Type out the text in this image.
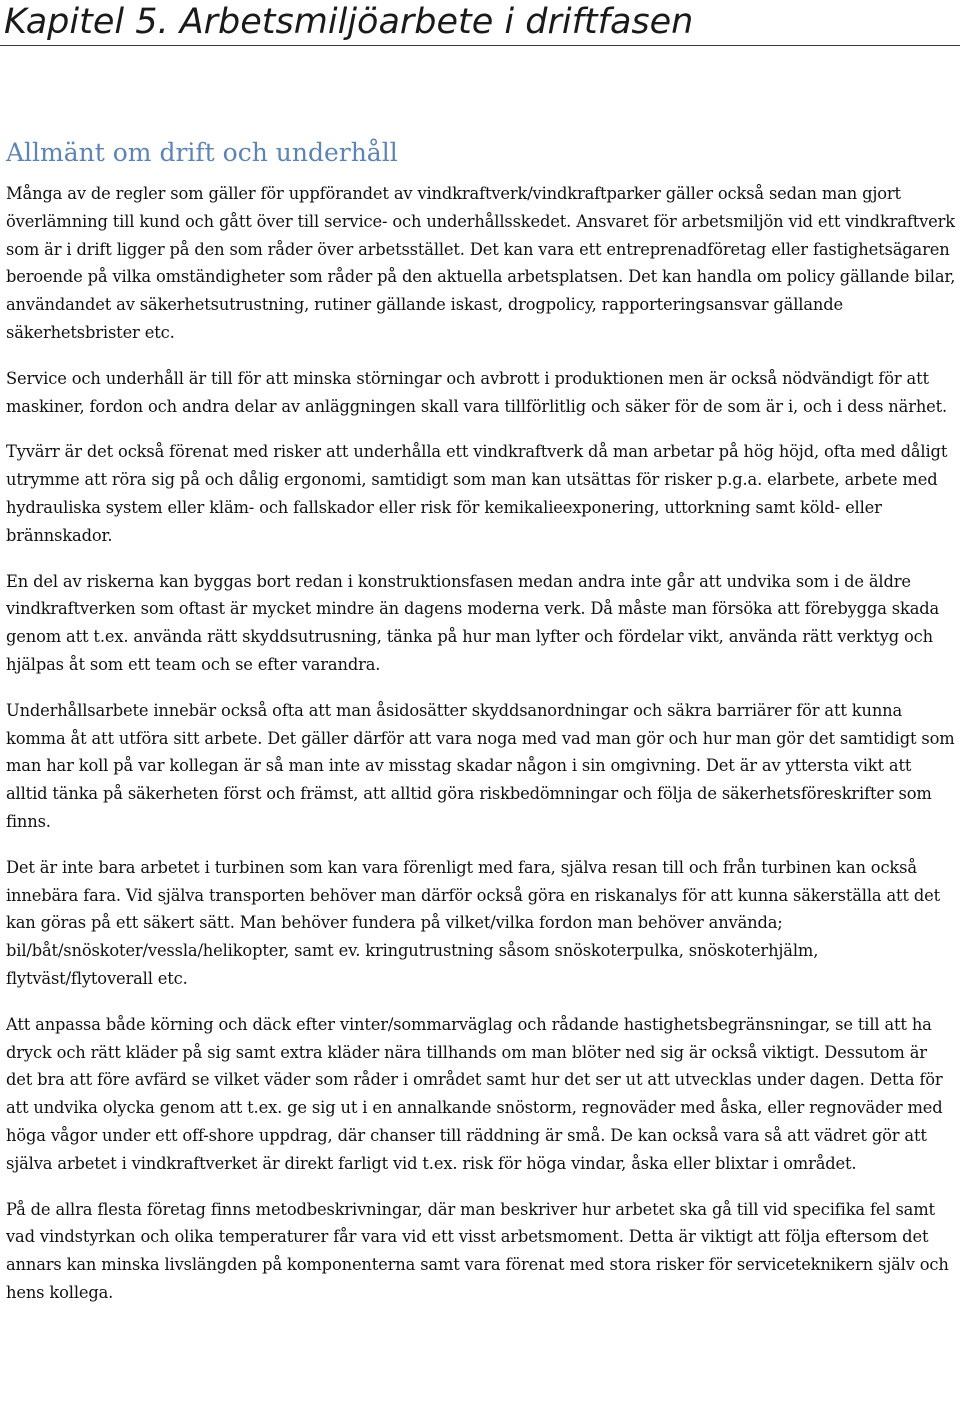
Kapitel 5. Arbetsmiljöarbete i driftfasen
Allmänt om drift och underhåll

Många av de regler som gäller för uppförandet av vindkraftverk/vindkraftparker gäller också sedan man gjort överlämning till kund och gått över till service- och underhållsskedet. Ansvaret för arbetsmiljön vid ett vindkraftverk som är i drift ligger på den som råder över arbetsstället. Det kan vara ett entreprenadföretag eller fastighetsägaren beroende på vilka omständigheter som råder på den aktuella arbetsplatsen. Det kan handla om policy gällande bilar, användandet av säkerhetsutrustning, rutiner gällande iskast, drogpolicy, rapporteringsansvar gällande säkerhetsbrister etc.

Service och underhåll är till för att minska störningar och avbrott i produktionen men är också nödvändigt för att maskiner, fordon och andra delar av anläggningen skall vara tillförlitlig och säker för de som är i, och i dess närhet.

Tyvärr är det också förenat med risker att underhålla ett vindkraftverk då man arbetar på hög höjd, ofta med dåligt utrymme att röra sig på och dålig ergonomi, samtidigt som man kan utsättas för risker p.g.a. elarbete, arbete med hydrauliska system eller kläm- och fallskador eller risk för kemikalieexponering, uttorkning samt köld- eller brännskador.

En del av riskerna kan byggas bort redan i konstruktionsfasen medan andra inte går att undvika som i de äldre vindkraftverken som oftast är mycket mindre än dagens moderna verk. Då måste man försöka att förebygga skada genom att t.ex. använda rätt skyddsutrusning, tänka på hur man lyfter och fördelar vikt, använda rätt verktyg och hjälpas åt som ett team och se efter varandra.

Underhållsarbete innebär också ofta att man åsidosätter skyddsanordningar och säkra barriärer för att kunna komma åt att utföra sitt arbete. Det gäller därför att vara noga med vad man gör och hur man gör det samtidigt som man har koll på var kollegan är så man inte av misstag skadar någon i sin omgivning. Det är av yttersta vikt att alltid tänka på säkerheten först och främst, att alltid göra riskbedömningar och följa de säkerhetsföreskrifter som finns.

Det är inte bara arbetet i turbinen som kan vara förenligt med fara, själva resan till och från turbinen kan också innebära fara. Vid själva transporten behöver man därför också göra en riskanalys för att kunna säkerställa att det kan göras på ett säkert sätt. Man behöver fundera på vilket/vilka fordon man behöver använda; bil/båt/snöskoter/vessla/helikopter, samt ev. kringutrustning såsom snöskoterpulka, snöskoterhjälm, flytväst/flytoverall etc.

Att anpassa både körning och däck efter vinter/sommarväglag och rådande hastighetsbegränsningar, se till att ha dryck och rätt kläder på sig samt extra kläder nära tillhands om man blöter ned sig är också viktigt. Dessutom är det bra att före avfärd se vilket väder som råder i området samt hur det ser ut att utvecklas under dagen. Detta för att undvika olycka genom att t.ex. ge sig ut i en annalkande snöstorm, regnoväder med åska, eller regnoväder med höga vågor under ett off-shore uppdrag, där chanser till räddning är små. De kan också vara så att vädret gör att själva arbetet i vindkraftverket är direkt farligt vid t.ex. risk för höga vindar, åska eller blixtar i området.

På de allra flesta företag finns metodbeskrivningar, där man beskriver hur arbetet ska gå till vid specifika fel samt vad vindstyrkan och olika temperaturer får vara vid ett visst arbetsmoment. Detta är viktigt att följa eftersom det annars kan minska livslängden på komponenterna samt vara förenat med stora risker för serviceteknikern själv och hens kollega.
